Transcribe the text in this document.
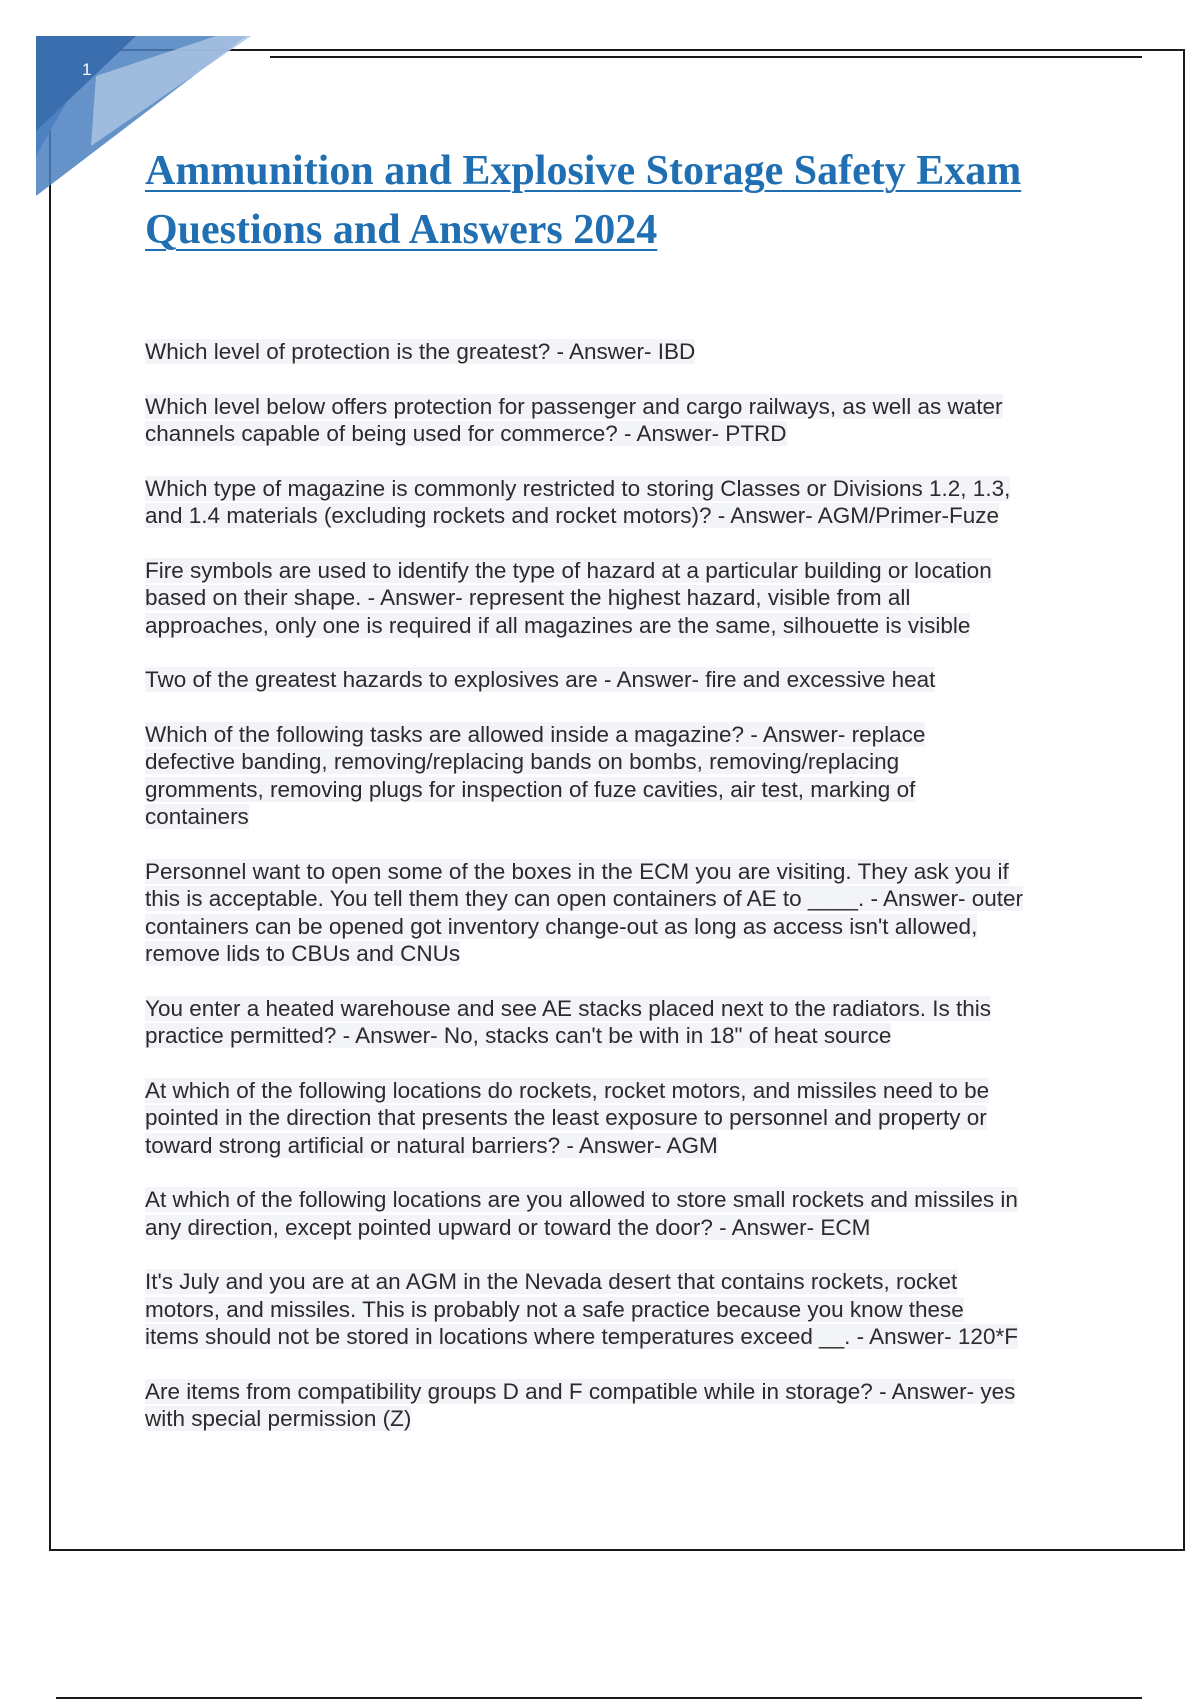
1
Ammunition and Explosive Storage Safety Exam
Questions and Answers 2024

Which level of protection is the greatest? - Answer- IBD

Which level below offers protection for passenger and cargo railways, as well as water
channels capable of being used for commerce? - Answer- PTRD

Which type of magazine is commonly restricted to storing Classes or Divisions 1.2, 1.3,
and 1.4 materials (excluding rockets and rocket motors)? - Answer- AGM/Primer-Fuze

Fire symbols are used to identify the type of hazard at a particular building or location
based on their shape. - Answer- represent the highest hazard, visible from all
approaches, only one is required if all magazines are the same, silhouette is visible

Two of the greatest hazards to explosives are - Answer- fire and excessive heat

Which of the following tasks are allowed inside a magazine? - Answer- replace
defective banding, removing/replacing bands on bombs, removing/replacing
gromments, removing plugs for inspection of fuze cavities, air test, marking of
containers

Personnel want to open some of the boxes in the ECM you are visiting. They ask you if
this is acceptable. You tell them they can open containers of AE to ____. - Answer- outer
containers can be opened got inventory change-out as long as access isn't allowed,
remove lids to CBUs and CNUs

You enter a heated warehouse and see AE stacks placed next to the radiators. Is this
practice permitted? - Answer- No, stacks can't be with in 18" of heat source

At which of the following locations do rockets, rocket motors, and missiles need to be
pointed in the direction that presents the least exposure to personnel and property or
toward strong artificial or natural barriers? - Answer- AGM

At which of the following locations are you allowed to store small rockets and missiles in
any direction, except pointed upward or toward the door? - Answer- ECM

It's July and you are at an AGM in the Nevada desert that contains rockets, rocket
motors, and missiles. This is probably not a safe practice because you know these
items should not be stored in locations where temperatures exceed __. - Answer- 120*F

Are items from compatibility groups D and F compatible while in storage? - Answer- yes
with special permission (Z)
